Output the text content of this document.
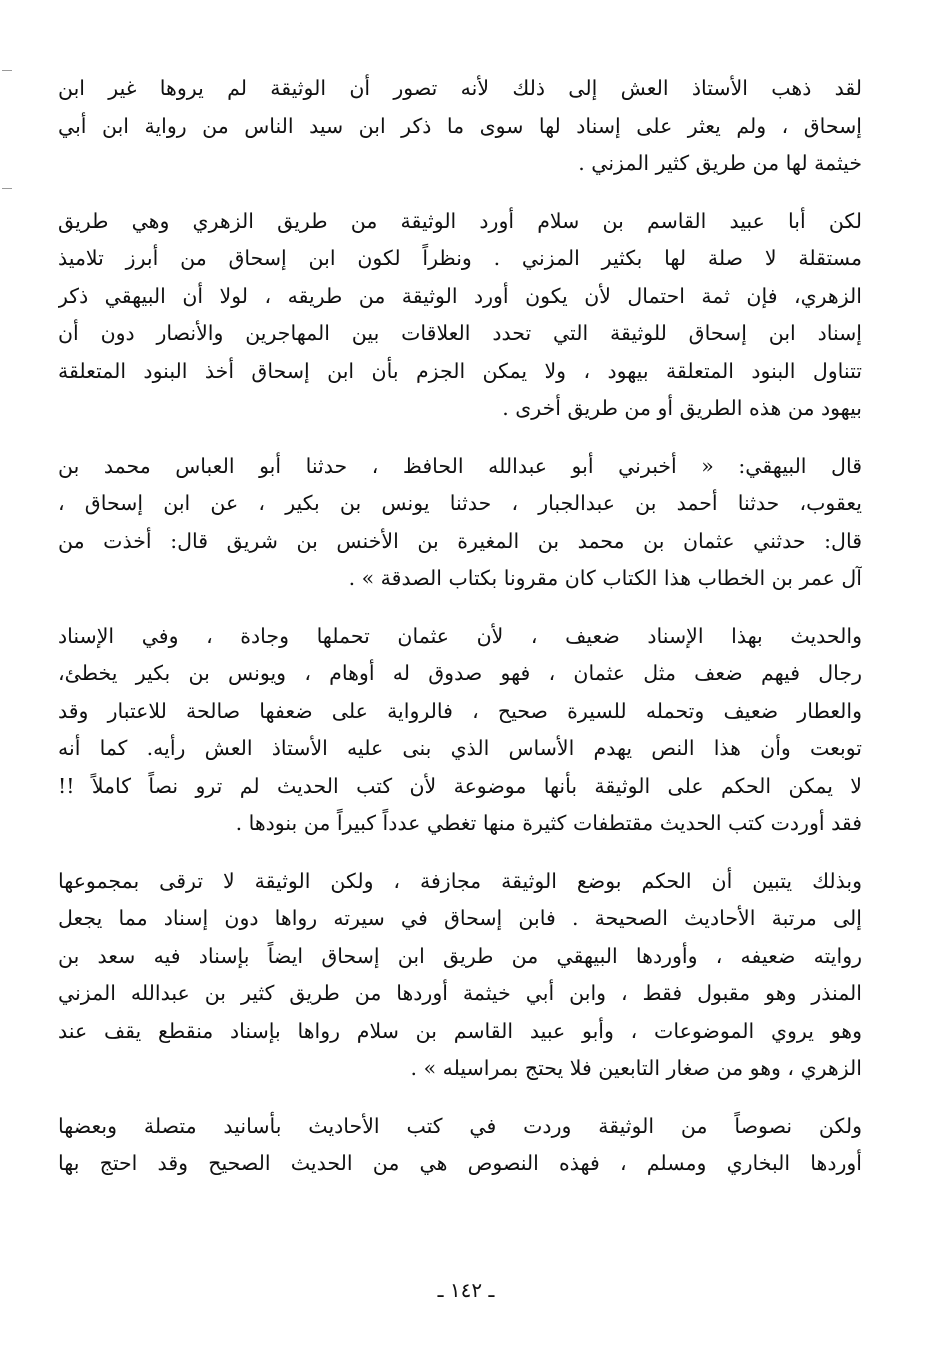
لقد ذهب الأستاذ العش إلى ذلك لأنه تصور أن الوثيقة لم يروها غير ابن
إسحاق ، ولم يعثر على إسناد لها سوى ما ذكر ابن سيد الناس من رواية ابن أبي
خيثمة لها من طريق كثير المزني .
لكن أبا عبيد القاسم بن سلام أورد الوثيقة من طريق الزهري وهي طريق
مستقلة لا صلة لها بكثير المزني . ونظراً لكون ابن إسحاق من أبرز تلاميذ
الزهري، فإن ثمة احتمال لأن يكون أورد الوثيقة من طريقه ، لولا أن البيهقي ذكر
إسناد ابن إسحاق للوثيقة التي تحدد العلاقات بين المهاجرين والأنصار دون أن
تتناول البنود المتعلقة بيهود ، ولا يمكن الجزم بأن ابن إسحاق أخذ البنود المتعلقة
بيهود من هذه الطريق أو من طريق أخرى .
قال البيهقي: « أخبرني أبو عبدالله الحافظ ، حدثنا أبو العباس محمد بن
يعقوب، حدثنا أحمد بن عبدالجبار ، حدثنا يونس بن بكير ، عن ابن إسحاق ،
قال: حدثني عثمان بن محمد بن المغيرة بن الأخنس بن شريق قال: أخذت من
آل عمر بن الخطاب هذا الكتاب كان مقرونا بكتاب الصدقة » .
والحديث بهذا الإسناد ضعيف ، لأن عثمان تحملها وجادة ، وفي الإسناد
رجال فيهم ضعف مثل عثمان ، فهو صدوق له أوهام ، ويونس بن بكير يخطئ،
والعطار ضعيف وتحمله للسيرة صحيح ، فالرواية على ضعفها صالحة للاعتبار وقد
توبعت وأن هذا النص يهدم الأساس الذي بنى عليه الأستاذ العش رأيه. كما أنه
لا يمكن الحكم على الوثيقة بأنها موضوعة لأن كتب الحديث لم ترو نصاً كاملاً !!
فقد أوردت كتب الحديث مقتطفات كثيرة منها تغطي عدداً كبيراً من بنودها .
وبذلك يتبين أن الحكم بوضع الوثيقة مجازفة ، ولكن الوثيقة لا ترقى بمجموعها
إلى مرتبة الأحاديث الصحيحة . فابن إسحاق في سيرته رواها دون إسناد مما يجعل
روايته ضعيفه ، وأوردها البيهقي من طريق ابن إسحاق ايضاً بإسناد فيه سعد بن
المنذر وهو مقبول فقط ، وابن أبي خيثمة أوردها من طريق كثير بن عبدالله المزني
وهو يروي الموضوعات ، وأبو عبيد القاسم بن سلام رواها بإسناد منقطع يقف عند
الزهري ، وهو من صغار التابعين فلا يحتج بمراسيله » .
ولكن نصوصاً من الوثيقة وردت في كتب الأحاديث بأسانيد متصلة وبعضها
أوردها البخاري ومسلم ، فهذه النصوص هي من الحديث الصحيح وقد احتج بها
ـ ١٤٢ ـ
